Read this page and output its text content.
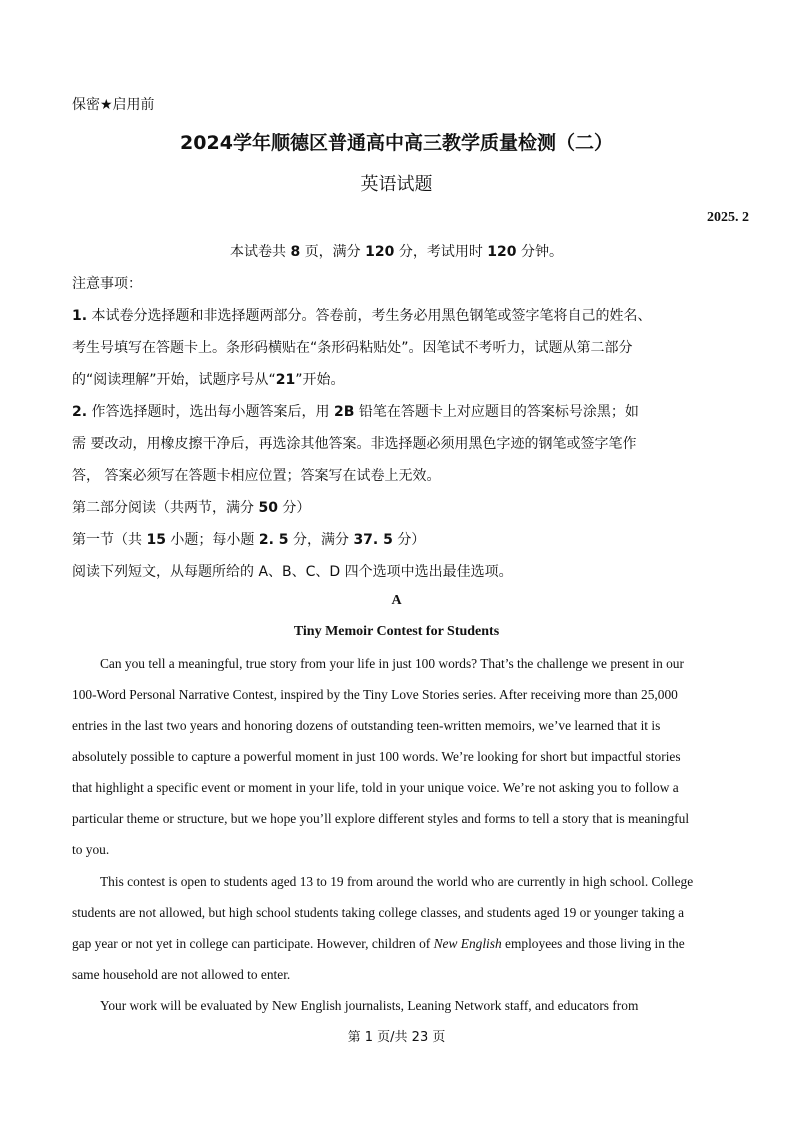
保密★启用前
2024学年顺德区普通高中高三教学质量检测（二）
英语试题
2025. 2
本试卷共 8 页，满分 120 分，考试用时 120 分钟。
注意事项：
1. 本试卷分选择题和非选择题两部分。答卷前，考生务必用黑色钢笔或签字笔将自己的姓名、
考生号填写在答题卡上。条形码横贴在“条形码粘贴处”。因笔试不考听力，试题从第二部分
的“阅读理解”开始，试题序号从“21”开始。
2. 作答选择题时，选出每小题答案后，用 2B 铅笔在答题卡上对应题目的答案标号涂黑；如
需 要改动，用橡皮擦干净后，再选涂其他答案。非选择题必须用黑色字迹的钢笔或签字笔作
答， 答案必须写在答题卡相应位置；答案写在试卷上无效。
第二部分阅读（共两节，满分 50 分）
第一节（共 15 小题；每小题 2. 5 分，满分 37. 5 分）
阅读下列短文，从每题所给的 A、B、C、D 四个选项中选出最佳选项。
A
Tiny Memoir Contest for Students
Can you tell a meaningful, true story from your life in just 100 words? That’s the challenge we present in our
100-Word Personal Narrative Contest, inspired by the Tiny Love Stories series. After receiving more than 25,000
entries in the last two years and honoring dozens of outstanding teen-written memoirs, we’ve learned that it is
absolutely possible to capture a powerful moment in just 100 words. We’re looking for short but impactful stories
that highlight a specific event or moment in your life, told in your unique voice. We’re not asking you to follow a
particular theme or structure, but we hope you’ll explore different styles and forms to tell a story that is meaningful
to you.
This contest is open to students aged 13 to 19 from around the world who are currently in high school. College
students are not allowed, but high school students taking college classes, and students aged 19 or younger taking a
gap year or not yet in college can participate. However, children of New English employees and those living in the
same household are not allowed to enter.
Your work will be evaluated by New English journalists, Leaning Network staff, and educators from
第 1 页/共 23 页
